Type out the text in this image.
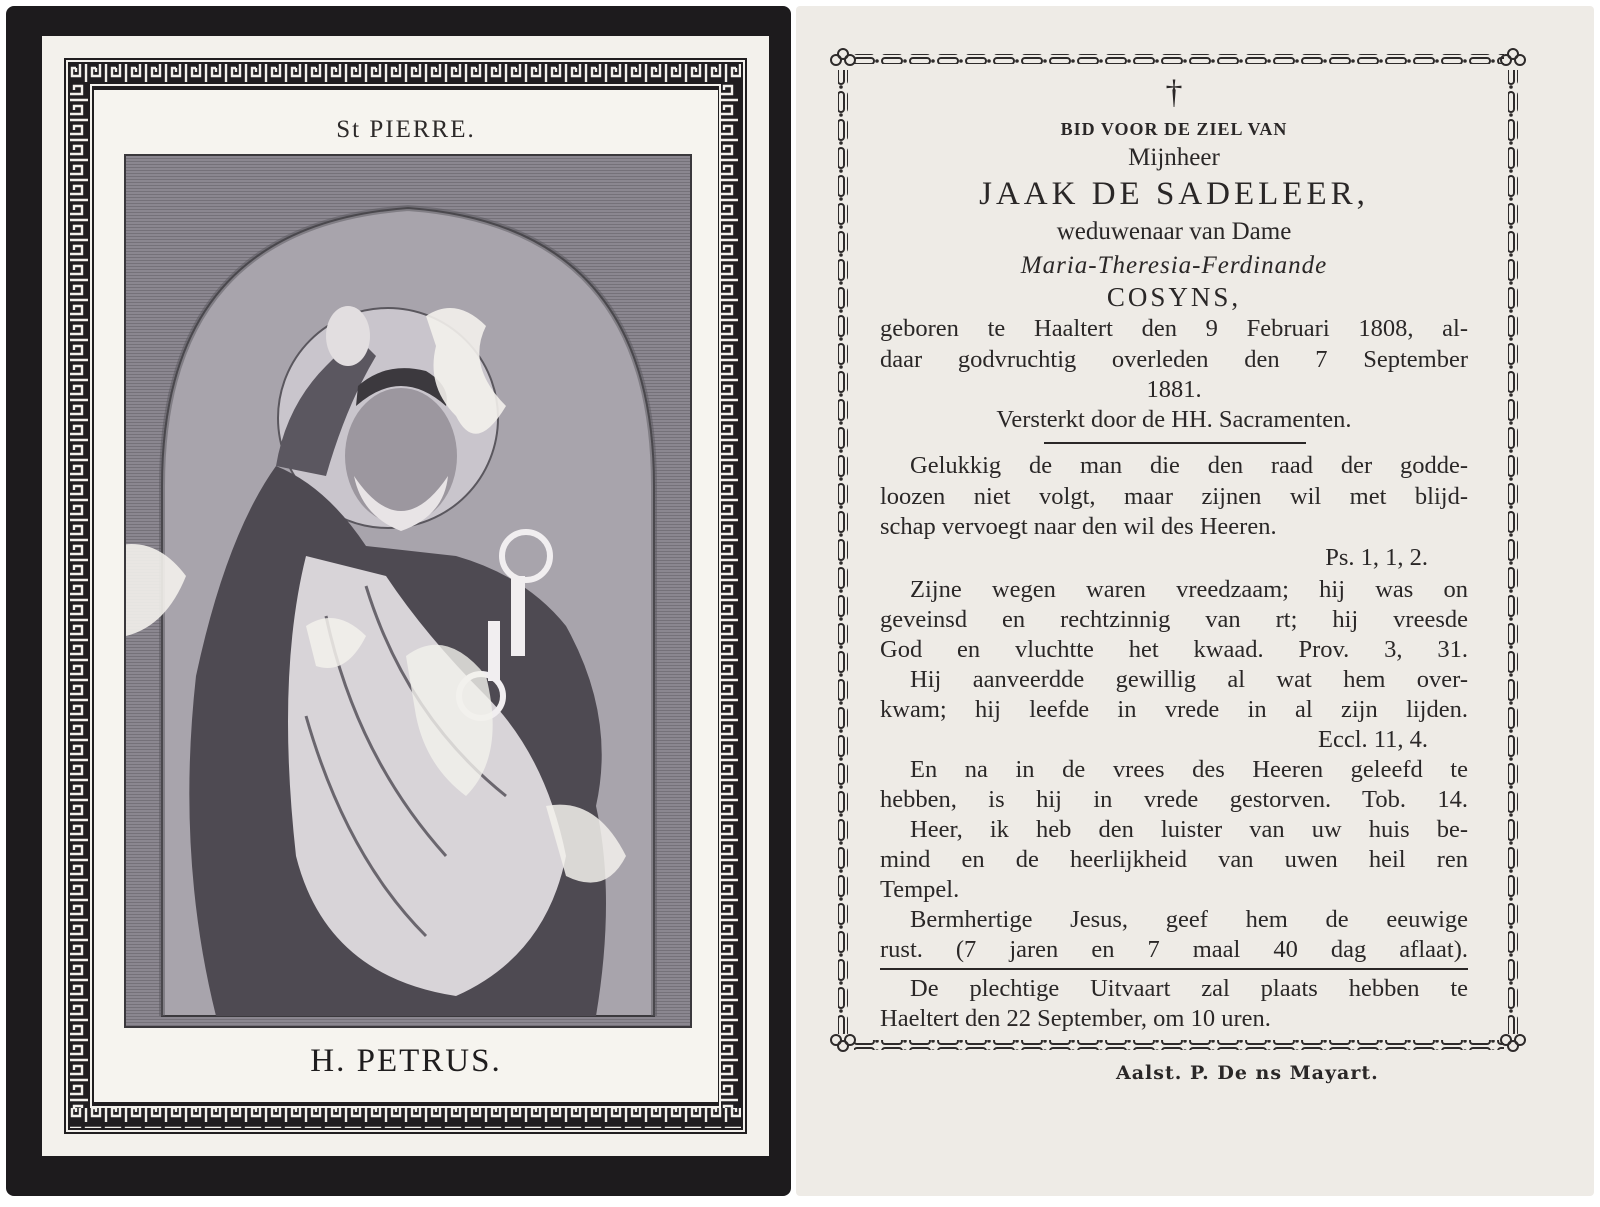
St PIERRE.
H. PETRUS.
†
BID VOOR DE ZIEL VAN
Mijnheer
JAAK DE SADELEER,
weduwenaar van Dame
Maria-Theresia-Ferdinande
COSYNS,
geboren te Haaltert den 9 Februari 1808, al-
daar godvruchtig overleden den 7 September
1881.
Versterkt door de HH. Sacramenten.
Gelukkig de man die den raad der godde-
loozen niet volgt, maar zijnen wil met blijd-
schap vervoegt naar den wil des Heeren.
Ps. 1, 1, 2.
Zijne wegen waren vreedzaam; hij was on
geveinsd en rechtzinnig van rt; hij vreesde
God en vluchtte het kwaad. Prov. 3, 31.
Hij aanveerdde gewillig al wat hem over-
kwam; hij leefde in vrede in al zijn lijden.
Eccl. 11, 4.
En na in de vrees des Heeren geleefd te
hebben, is hij in vrede gestorven. Tob. 14.
Heer, ik heb den luister van uw huis be-
mind en de heerlijkheid van uwen heil ren
Tempel.
Bermhertige Jesus, geef hem de eeuwige
rust. (7 jaren en 7 maal 40 dag aflaat).
De plechtige Uitvaart zal plaats hebben te
Haeltert den 22 September, om 10 uren.
Aalst. P. De ns Mayart.
